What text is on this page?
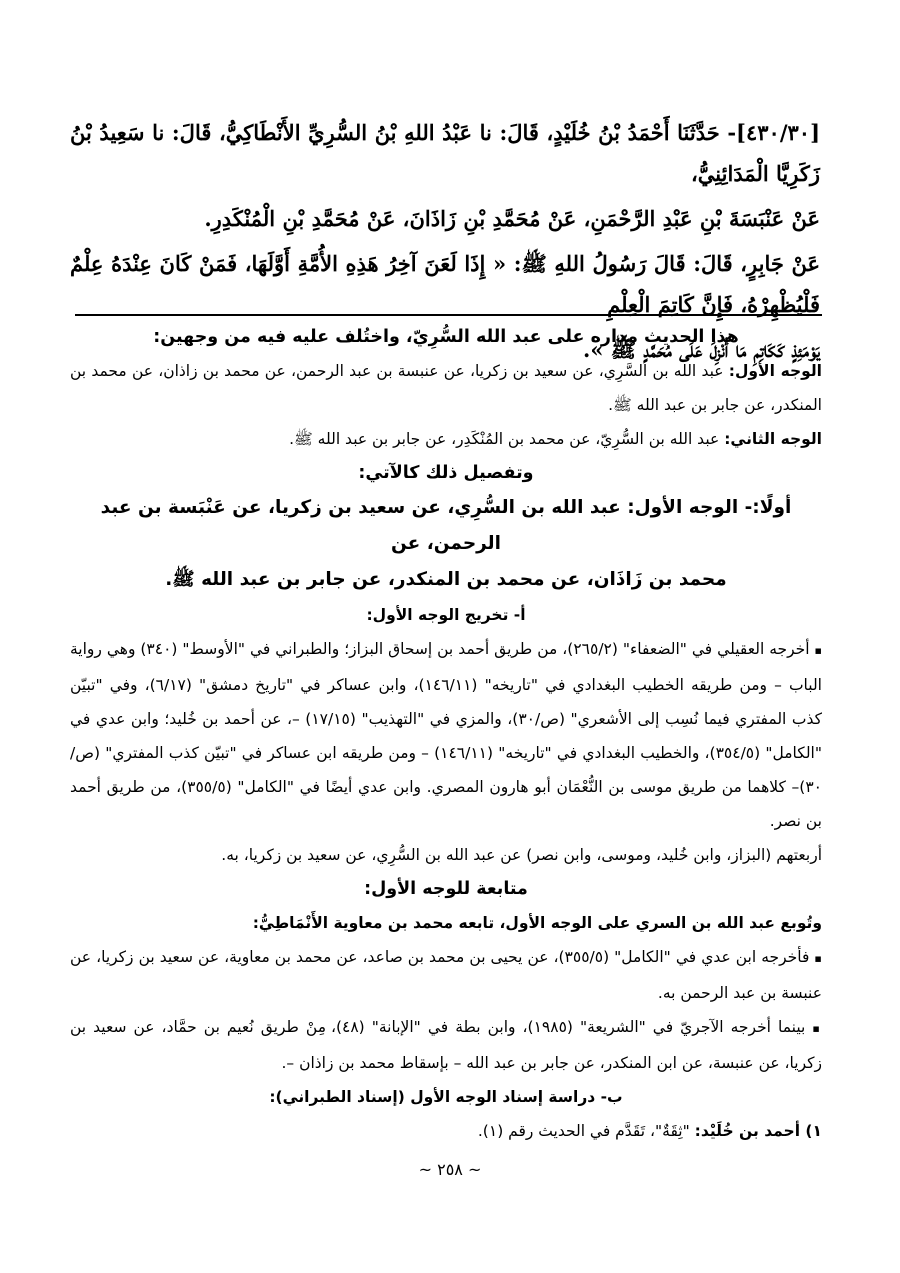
[٤٣٠/٣٠]- حَدَّثَنَا أَحْمَدُ بْنُ خُلَيْدٍ، قَالَ: نا عَبْدُ اللهِ بْنُ السُّرِيِّ الأَنْطَاكِيُّ، قَالَ: نا سَعِيدُ بْنُ زَكَرِيَّا الْمَدَائِنِيُّ،

عَنْ عَنْبَسَةَ بْنِ عَبْدِ الرَّحْمَنِ، عَنْ مُحَمَّدِ بْنِ زَاذَانَ، عَنْ مُحَمَّدِ بْنِ الْمُنْكَدِرِ.

عَنْ جَابِرٍ، قَالَ: قَالَ رَسُولُ اللهِ ﷺ: « إِذَا لَعَنَ آخِرُ هَذِهِ الأُمَّةِ أَوَّلَهَا، فَمَنْ كَانَ عِنْدَهُ عِلْمٌ فَلْيُظْهِرْهُ، فَإِنَّ كَاتِمَ الْعِلْمِ

يَوْمَئِذٍ كَكَاتِمِ مَا أُنْزِلَ عَلَى مُحَمَّدٍ ﷺ ».

هذا الحديث مداره على عبد الله السُّرِيّ، واختُلف عليه فيه من وجهين:

الوجه الأول: عبد الله بن السَّرِي، عن سعيد بن زكريا، عن عنبسة بن عبد الرحمن، عن محمد بن زاذان، عن محمد بن المنكدر، عن جابر بن عبد الله ﷺ.

الوجه الثاني: عبد الله بن السُّرِيّ، عن محمد بن المُنْكَدِر، عن جابر بن عبد الله ﷺ.

وتفصيل ذلك كالآتي:

أولًا:- الوجه الأول: عبد الله بن السُّرِي، عن سعيد بن زكريا، عن عَنْبَسة بن عبد الرحمن، عن

محمد بن زَاذَان، عن محمد بن المنكدر، عن جابر بن عبد الله ﷺ.

أ- تخريج الوجه الأول:

▪ أخرجه العقيلي في "الضعفاء" (٢٦٥/٢)، من طريق أحمد بن إسحاق البزاز؛ والطبراني في "الأوسط" (٣٤٠) وهي رواية الباب – ومن طريقه الخطيب البغدادي في "تاريخه" (١٤٦/١١)، وابن عساكر في "تاريخ دمشق" (٦/١٧)، وفي "تبيّن كذب المفتري فيما نُسِب إلى الأشعري" (ص/٣٠)، والمزي في "التهذيب" (١٧/١٥) –، عن أحمد بن خُليد؛ وابن عدي في "الكامل" (٣٥٤/٥)، والخطيب البغدادي في "تاريخه" (١٤٦/١١) – ومن طريقه ابن عساكر في "تبيّن كذب المفتري" (ص/٣٠)– كلاهما من طريق موسى بن النُّعْمَان أبو هارون المصري. وابن عدي أيضًا في "الكامل" (٣٥٥/٥)، من طريق أحمد بن نصر.

أربعتهم (البزاز، وابن خُليد، وموسى، وابن نصر) عن عبد الله بن السُّرِي، عن سعيد بن زكريا، به.

متابعة للوجه الأول:

وتُوبع عبد الله بن السري على الوجه الأول، تابعه محمد بن معاوية الأَنْمَاطِيُّ:

▪ فأخرجه ابن عدي في "الكامل" (٣٥٥/٥)، عن يحيى بن محمد بن صاعد، عن محمد بن معاوية، عن سعيد بن زكريا، عن عنبسة بن عبد الرحمن به.

▪ بينما أخرجه الآجريّ في "الشريعة" (١٩٨٥)، وابن بطة في "الإبانة" (٤٨)، مِنْ طريق نُعيم بن حمَّاد، عن سعيد بن زكريا، عن عنبسة، عن ابن المنكدر، عن جابر بن عبد الله – بإسقاط محمد بن زاذان –.

ب- دراسة إسناد الوجه الأول (إسناد الطبراني):

١) أحمد بن خُلَيْد: "ثِقَةٌ"، تَقَدَّم في الحديث رقم (١).

~ ٢٥٨ ~
